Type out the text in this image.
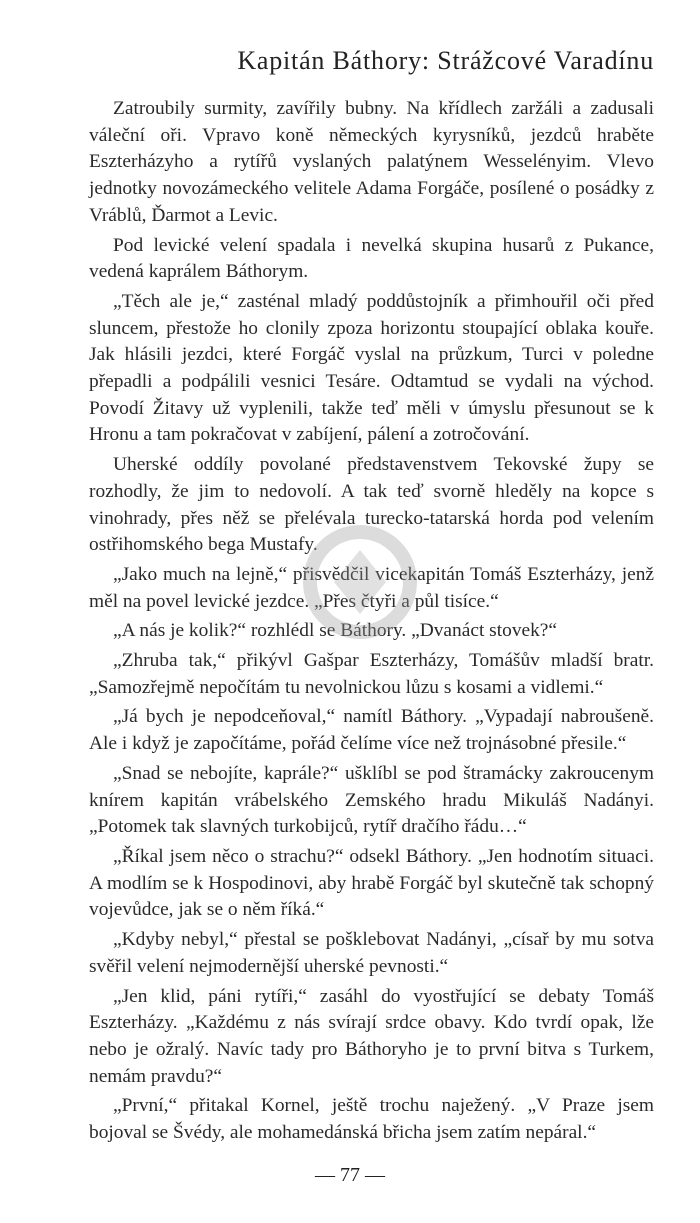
Kapitán Báthory: Strážcové Varadínu

Zatroubily surmity, zavířily bubny. Na křídlech zaržáli a zadusali váleční oři. Vpravo koně německých kyrysníků, jezdců hraběte Eszterházyho a rytířů vyslaných palatýnem Wesselényim. Vlevo jednotky novozámeckého velitele Adama Forgáče, posílené o posádky z Vráblů, Ďarmot a Levic.

Pod levické velení spadala i nevelká skupina husarů z Pukance, vedená kaprálem Báthorym.

„Těch ale je,“ zasténal mladý poddůstojník a přimhouřil oči před sluncem, přestože ho clonily zpoza horizontu stoupající oblaka kouře. Jak hlásili jezdci, které Forgáč vyslal na průzkum, Turci v poledne přepadli a podpálili vesnici Tesáre. Odtamtud se vydali na východ. Povodí Žitavy už vyplenili, takže teď měli v úmyslu přesunout se k Hronu a tam pokračovat v zabíjení, pálení a zotročování.

Uherské oddíly povolané představenstvem Tekovské župy se rozhodly, že jim to nedovolí. A tak teď svorně hleděly na kopce s vinohrady, přes něž se přelévala turecko-tatarská horda pod velením ostřihomského bega Mustafy.

„Jako much na lejně,“ přisvědčil vicekapitán Tomáš Eszterházy, jenž měl na povel levické jezdce. „Přes čtyři a půl tisíce.“

„A nás je kolik?“ rozhlédl se Báthory. „Dvanáct stovek?“

„Zhruba tak,“ přikývl Gašpar Eszterházy, Tomášův mladší bratr. „Samozřejmě nepočítám tu nevolnickou lůzu s kosami a vidlemi.“

„Já bych je nepodceňoval,“ namítl Báthory. „Vypadají nabroušeně. Ale i když je započítáme, pořád čelíme více než trojnásobné přesile.“

„Snad se nebojíte, kaprále?“ ušklíbl se pod štramácky zakroucenym knírem kapitán vrábelského Zemského hradu Mikuláš Nadányi. „Potomek tak slavných turkobijců, rytíř dračího řádu…“

„Říkal jsem něco o strachu?“ odsekl Báthory. „Jen hodnotím situaci. A modlím se k Hospodinovi, aby hrabě Forgáč byl skutečně tak schopný vojevůdce, jak se o něm říká.“

„Kdyby nebyl,“ přestal se pošklebovat Nadányi, „císař by mu sotva svěřil velení nejmodernější uherské pevnosti.“

„Jen klid, páni rytíři,“ zasáhl do vyostřující se debaty Tomáš Eszterházy. „Každému z nás svírají srdce obavy. Kdo tvrdí opak, lže nebo je ožralý. Navíc tady pro Báthoryho je to první bitva s Turkem, nemám pravdu?“

„První,“ přitakal Kornel, ještě trochu naježený. „V Praze jsem bojoval se Švédy, ale mohamedánská břicha jsem zatím nepáral.“

— 77 —
